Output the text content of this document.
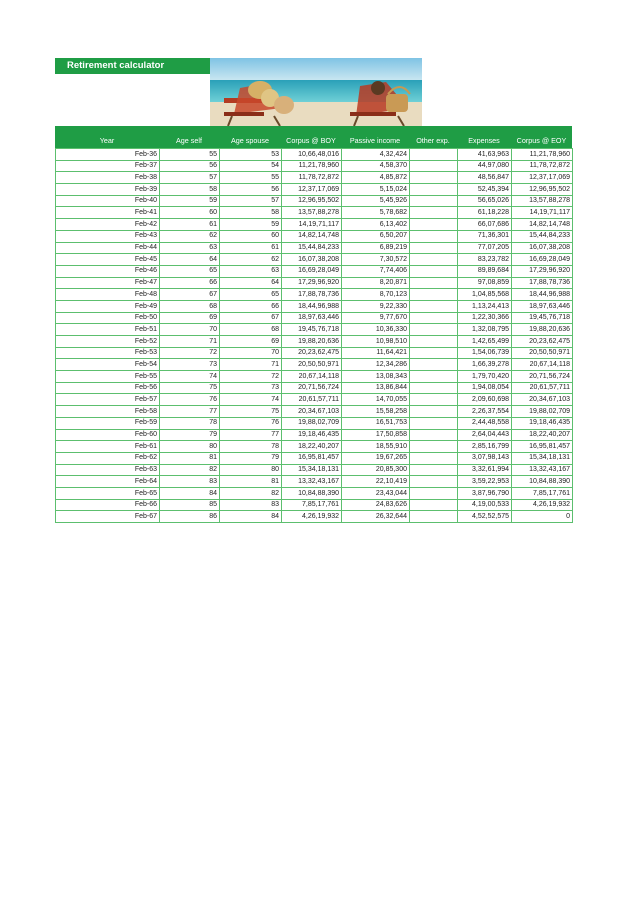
Retirement calculator
Year	Age self	Age spouse	Corpus @ BOY	Passive income	Other exp.	Expenses	Corpus @ EOY
Feb-36	55	53	10,66,48,016	4,32,424		41,63,963	11,21,78,960
Feb-37	56	54	11,21,78,960	4,58,370		44,97,080	11,78,72,872
Feb-38	57	55	11,78,72,872	4,85,872		48,56,847	12,37,17,069
Feb-39	58	56	12,37,17,069	5,15,024		52,45,394	12,96,95,502
Feb-40	59	57	12,96,95,502	5,45,926		56,65,026	13,57,88,278
Feb-41	60	58	13,57,88,278	5,78,682		61,18,228	14,19,71,117
Feb-42	61	59	14,19,71,117	6,13,402		66,07,686	14,82,14,748
Feb-43	62	60	14,82,14,748	6,50,207		71,36,301	15,44,84,233
Feb-44	63	61	15,44,84,233	6,89,219		77,07,205	16,07,38,208
Feb-45	64	62	16,07,38,208	7,30,572		83,23,782	16,69,28,049
Feb-46	65	63	16,69,28,049	7,74,406		89,89,684	17,29,96,920
Feb-47	66	64	17,29,96,920	8,20,871		97,08,859	17,88,78,736
Feb-48	67	65	17,88,78,736	8,70,123		1,04,85,568	18,44,96,988
Feb-49	68	66	18,44,96,988	9,22,330		1,13,24,413	18,97,63,446
Feb-50	69	67	18,97,63,446	9,77,670		1,22,30,366	19,45,76,718
Feb-51	70	68	19,45,76,718	10,36,330		1,32,08,795	19,88,20,636
Feb-52	71	69	19,88,20,636	10,98,510		1,42,65,499	20,23,62,475
Feb-53	72	70	20,23,62,475	11,64,421		1,54,06,739	20,50,50,971
Feb-54	73	71	20,50,50,971	12,34,286		1,66,39,278	20,67,14,118
Feb-55	74	72	20,67,14,118	13,08,343		1,79,70,420	20,71,56,724
Feb-56	75	73	20,71,56,724	13,86,844		1,94,08,054	20,61,57,711
Feb-57	76	74	20,61,57,711	14,70,055		2,09,60,698	20,34,67,103
Feb-58	77	75	20,34,67,103	15,58,258		2,26,37,554	19,88,02,709
Feb-59	78	76	19,88,02,709	16,51,753		2,44,48,558	19,18,46,435
Feb-60	79	77	19,18,46,435	17,50,858		2,64,04,443	18,22,40,207
Feb-61	80	78	18,22,40,207	18,55,910		2,85,16,799	16,95,81,457
Feb-62	81	79	16,95,81,457	19,67,265		3,07,98,143	15,34,18,131
Feb-63	82	80	15,34,18,131	20,85,300		3,32,61,994	13,32,43,167
Feb-64	83	81	13,32,43,167	22,10,419		3,59,22,953	10,84,88,390
Feb-65	84	82	10,84,88,390	23,43,044		3,87,96,790	7,85,17,761
Feb-66	85	83	7,85,17,761	24,83,626		4,19,00,533	4,26,19,932
Feb-67	86	84	4,26,19,932	26,32,644		4,52,52,575	0
